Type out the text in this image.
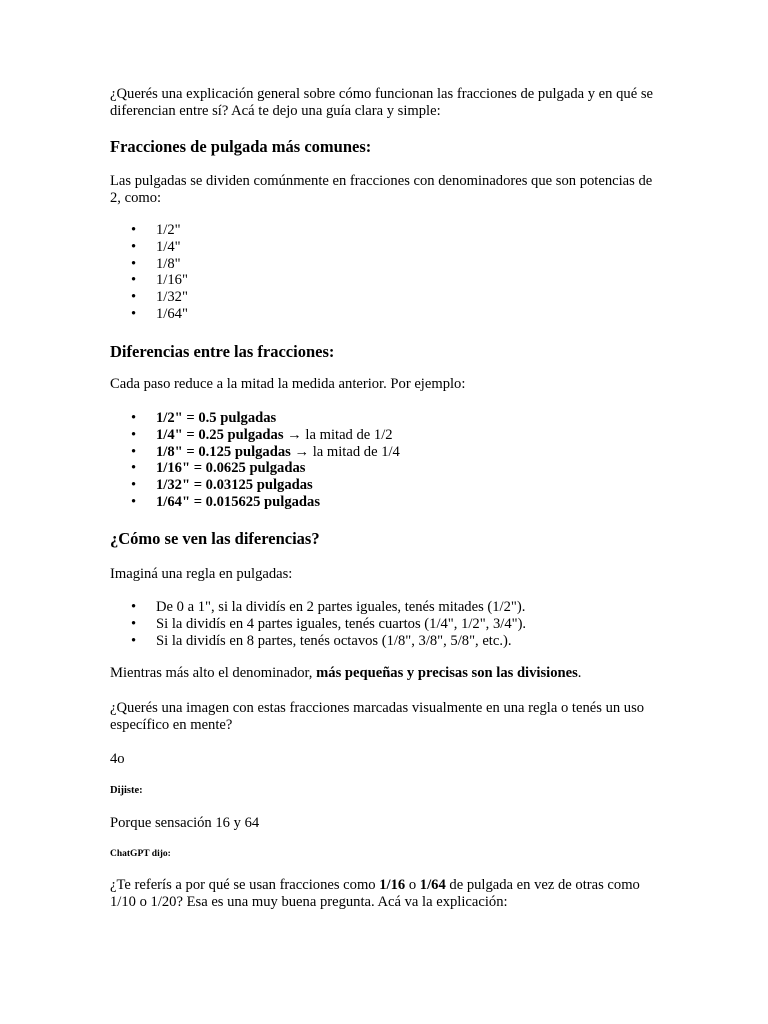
¿Querés una explicación general sobre cómo funcionan las fracciones de pulgada y en qué se diferencian entre sí? Acá te dejo una guía clara y simple:

Fracciones de pulgada más comunes:

Las pulgadas se dividen comúnmente en fracciones con denominadores que son potencias de 2, como:

• 1/2"
• 1/4"
• 1/8"
• 1/16"
• 1/32"
• 1/64"
Diferencias entre las fracciones:

Cada paso reduce a la mitad la medida anterior. Por ejemplo:

• 1/2" = 0.5 pulgadas
• 1/4" = 0.25 pulgadas → la mitad de 1/2
• 1/8" = 0.125 pulgadas → la mitad de 1/4
• 1/16" = 0.0625 pulgadas
• 1/32" = 0.03125 pulgadas
• 1/64" = 0.015625 pulgadas
¿Cómo se ven las diferencias?

Imaginá una regla en pulgadas:

• De 0 a 1", si la dividís en 2 partes iguales, tenés mitades (1/2").
• Si la dividís en 4 partes iguales, tenés cuartos (1/4", 1/2", 3/4").
• Si la dividís en 8 partes, tenés octavos (1/8", 3/8", 5/8", etc.).

Mientras más alto el denominador, más pequeñas y precisas son las divisiones.

¿Querés una imagen con estas fracciones marcadas visualmente en una regla o tenés un uso específico en mente?

4o

Dijiste:

Porque sensación 16 y 64

ChatGPT dijo:

¿Te referís a por qué se usan fracciones como 1/16 o 1/64 de pulgada en vez de otras como 1/10 o 1/20? Esa es una muy buena pregunta. Acá va la explicación:
